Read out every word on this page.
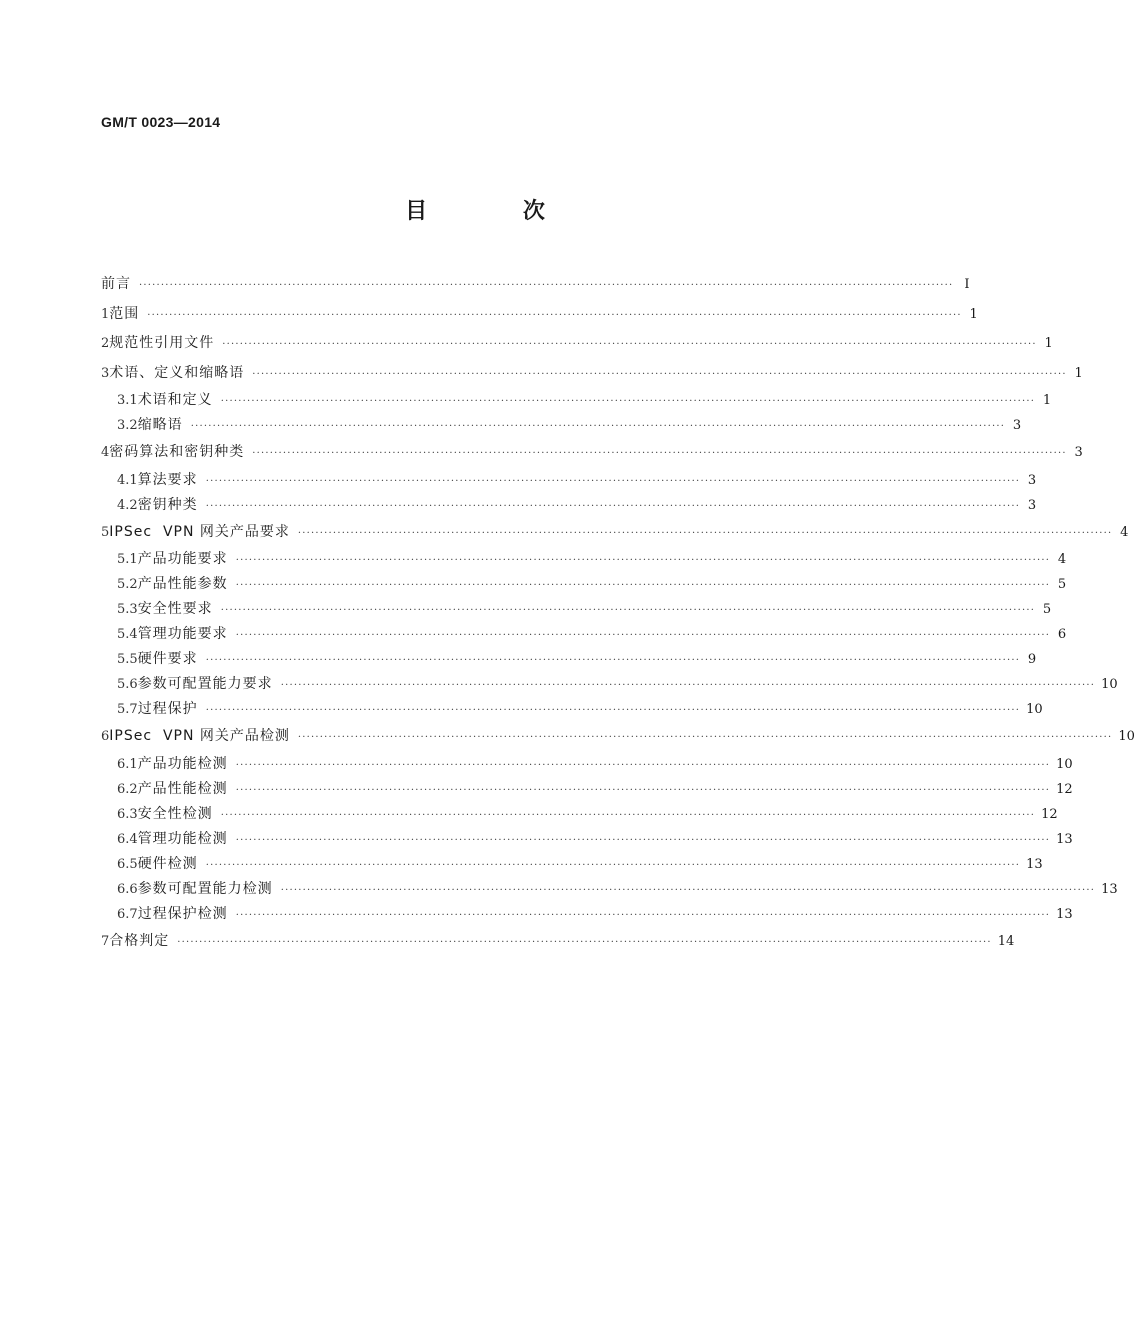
GM/T 0023—2014
目 次
前言 ·····	Ⅰ
1 范围 ·····	1
2 规范性引用文件 ·····	1
3 术语、定义和缩略语 ·····	1
3.1 术语和定义 ·····	1
3.2 缩略语 ·····	3
4 密码算法和密钥种类 ·····	3
4.1 算法要求 ·····	3
4.2 密钥种类 ·····	3
5 IPSec  VPN 网关产品要求 ·····	4
5.1 产品功能要求 ·····	4
5.2 产品性能参数 ·····	5
5.3 安全性要求 ·····	5
5.4 管理功能要求 ·····	6
5.5 硬件要求 ·····	9
5.6 参数可配置能力要求 ·····	10
5.7 过程保护 ·····	10
6 IPSec  VPN 网关产品检测 ·····	10
6.1 产品功能检测 ·····	10
6.2 产品性能检测 ·····	12
6.3 安全性检测 ·····	12
6.4 管理功能检测 ·····	13
6.5 硬件检测 ·····	13
6.6 参数可配置能力检测 ·····	13
6.7 过程保护检测 ·····	13
7 合格判定 ·····	14
